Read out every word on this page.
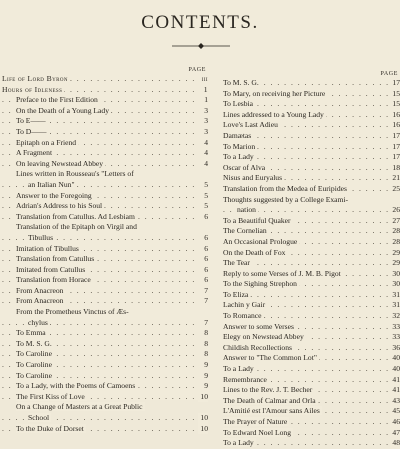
CONTENTS.
PAGE
Life of Lord Byron	iii
. . .
Hours of Idleness	1
. . .
Preface to the First Edition	1
. . .
On the Death of a Young Lady	3
. . .
To E——	3
. . .
To D——	3
. . .
Epitaph on a Friend	4
. . .
A Fragment	4
. . .
On leaving Newstead Abbey	4
. . .
Lines written in Rousseau's "Letters of
an Italian Nun"	5
. . .
Answer to the Foregoing	5
. . .
Adrian's Address to his Soul	5
. . .
Translation from Catullus. Ad Lesbiam	6
. . .
Translation of the Epitaph on Virgil and
Tibullus	6
. . .
Imitation of Tibullus	6
. . .
Translation from Catullus	6
. . .
Imitated from Catullus	6
. . .
Translation from Horace	6
. . .
From Anacreon	7
. . .
From Anacreon	7
. . .
From the Prometheus Vinctus of Æs-
chylus	7
. . .
To Emma	8
. . .
To M. S. G.	8
. . .
To Caroline	8
. . .
To Caroline	9
. . .
To Caroline	9
. . .
To a Lady, with the Poems of Camoens	9
. . .
The First Kiss of Love	10
. . .
On a Change of Masters at a Great Public
School	10
. . .
To the Duke of Dorset	10
. . .
PAGE
To M. S. G.	17
. . .
To Mary, on receiving her Picture	15
. . .
To Lesbia	15
. . .
Lines addressed to a Young Lady	16
. . .
Love's Last Adieu	16
. . .
Damætas	17
. . .
To Marion	17
. . .
To a Lady	17
. . .
Oscar of Alva	18
. . .
Nisus and Euryalus	21
. . .
Translation from the Medea of Euripides	25
. . .
Thoughts suggested by a College Exami-
nation	26
. . .
To a Beautiful Quaker	27
. . .
The Cornelian	28
. . .
An Occasional Prologue	28
. . .
On the Death of Fox	29
. . .
The Tear	29
. . .
Reply to some Verses of J. M. B. Pigot	30
. . .
To the Sighing Strephon	30
. . .
To Eliza	31
. . .
Lachin y Gair	31
. . .
To Romance	32
. . .
Answer to some Verses	33
. . .
Elegy on Newstead Abbey	33
. . .
Childish Recollections	36
. . .
Answer to "The Common Lot"	40
. . .
To a Lady	40
. . .
Remembrance	41
. . .
Lines to the Rev. J. T. Becher	41
. . .
The Death of Calmar and Orla	43
. . .
L'Amitié est l'Amour sans Ailes	45
. . .
The Prayer of Nature	46
. . .
To Edward Noel Long	47
. . .
To a Lady	48
. . .
